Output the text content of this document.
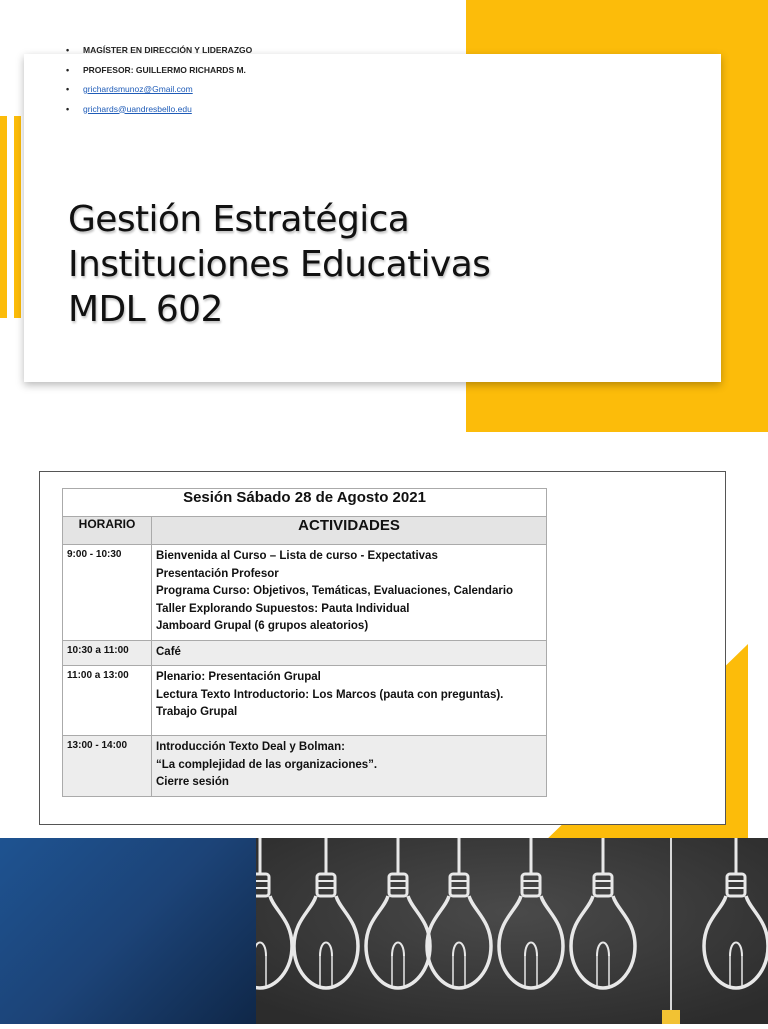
• MAGÍSTER EN DIRECCIÓN Y LIDERAZGO
• PROFESOR: GUILLERMO RICHARDS M.
• grichardsmunoz@Gmail.com
• grichards@uandresbello.edu
Gestión Estratégica
Instituciones Educativas
MDL 602
Sesión Sábado 28 de Agosto 2021	
HORARIO	ACTIVIDADES
9:00 - 10:30	Bienvenida al Curso – Lista de curso - Expectativas
Presentación Profesor
Programa Curso: Objetivos, Temáticas, Evaluaciones, Calendario
Taller Explorando Supuestos: Pauta Individual
Jamboard Grupal (6 grupos aleatorios)

10:30 a 11:00	Café

11:00 a 13:00	Plenario: Presentación Grupal
Lectura Texto Introductorio: Los Marcos (pauta con preguntas).
Trabajo Grupal

13:00 - 14:00	Introducción Texto Deal y Bolman:
“La complejidad de las organizaciones”.
Cierre sesión
